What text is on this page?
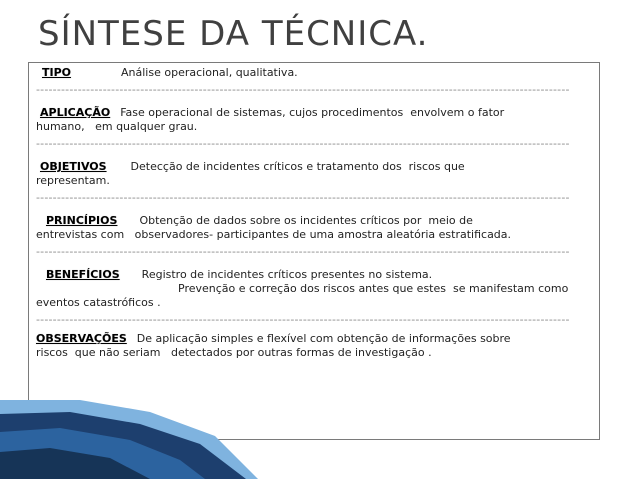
SÍNTESE DA TÉCNICA.

TIPO	Análise operacional, qualitativa.

--------------------------------------------------------------------------------------------------------------------------------

APLICAÇÃO Fase operacional de sistemas, cujos procedimentos  envolvem o fator

humano,   em qualquer grau.

--------------------------------------------------------------------------------------------------------------------------------

OBJETIVOS Detecção de incidentes críticos e tratamento dos  riscos que

representam.

--------------------------------------------------------------------------------------------------------------------------------

PRINCÍPIOS Obtenção de dados sobre os incidentes críticos por  meio de

entrevistas com   observadores- participantes de uma amostra aleatória estratificada.

--------------------------------------------------------------------------------------------------------------------------------

BENEFÍCIOS Registro de incidentes críticos presentes no sistema.

Prevenção e correção dos riscos antes que estes  se manifestam como

eventos catastróficos .

--------------------------------------------------------------------------------------------------------------------------------

OBSERVAÇÕES De aplicação simples e flexível com obtenção de informações sobre

riscos  que não seriam   detectados por outras formas de investigação .
